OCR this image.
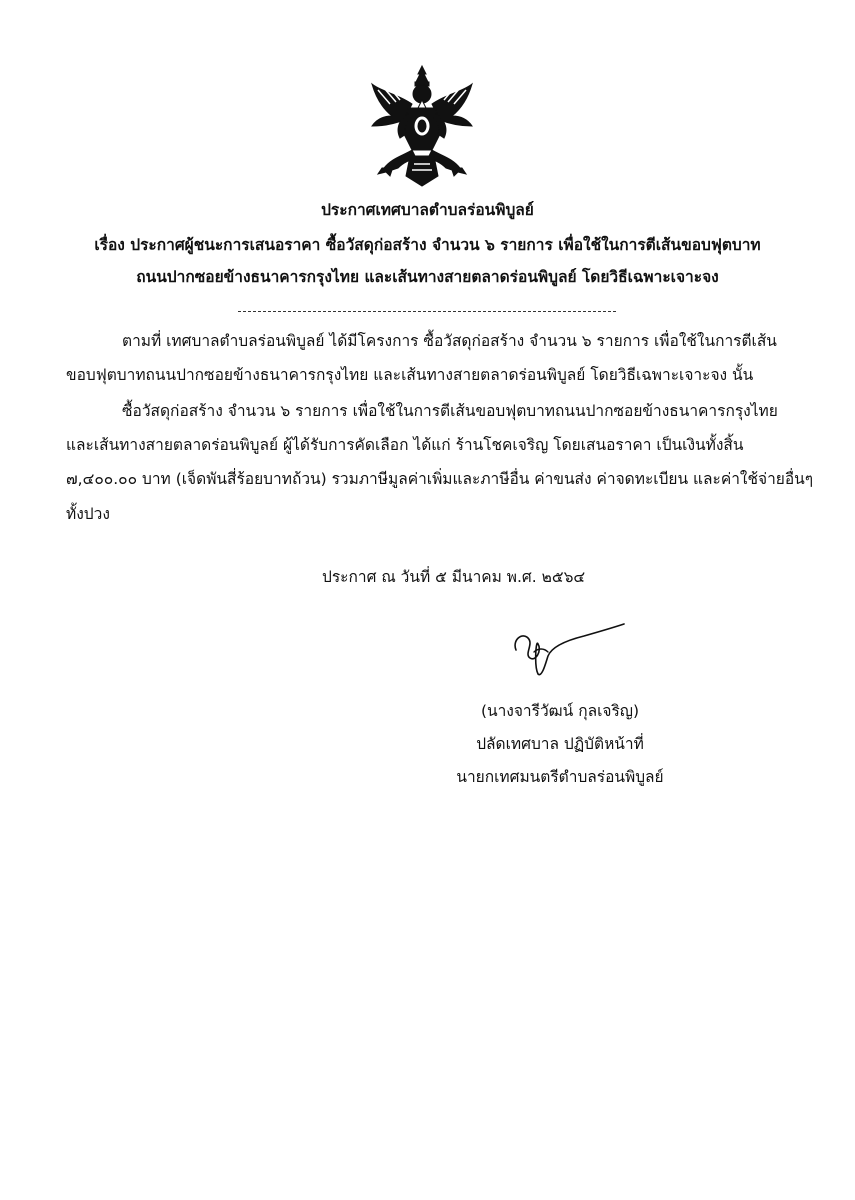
ประกาศเทศบาลตำบลร่อนพิบูลย์
เรื่อง ประกาศผู้ชนะการเสนอราคา ซื้อวัสดุก่อสร้าง จำนวน ๖ รายการ เพื่อใช้ในการตีเส้นขอบฟุตบาท
ถนนปากซอยข้างธนาคารกรุงไทย และเส้นทางสายตลาดร่อนพิบูลย์ โดยวิธีเฉพาะเจาะจง
ตามที่ เทศบาลตำบลร่อนพิบูลย์ ได้มีโครงการ ซื้อวัสดุก่อสร้าง จำนวน ๖ รายการ เพื่อใช้ในการตีเส้น
ขอบฟุตบาทถนนปากซอยข้างธนาคารกรุงไทย และเส้นทางสายตลาดร่อนพิบูลย์ โดยวิธีเฉพาะเจาะจง นั้น
ซื้อวัสดุก่อสร้าง จำนวน ๖ รายการ เพื่อใช้ในการตีเส้นขอบฟุตบาทถนนปากซอยข้างธนาคารกรุงไทย
และเส้นทางสายตลาดร่อนพิบูลย์ ผู้ได้รับการคัดเลือก ได้แก่ ร้านโชคเจริญ โดยเสนอราคา เป็นเงินทั้งสิ้น
๗,๔๐๐.๐๐ บาท (เจ็ดพันสี่ร้อยบาทถ้วน) รวมภาษีมูลค่าเพิ่มและภาษีอื่น ค่าขนส่ง ค่าจดทะเบียน และค่าใช้จ่ายอื่นๆ
ทั้งปวง
ประกาศ ณ วันที่ ๕ มีนาคม พ.ศ. ๒๕๖๔
(นางจารีวัฒน์ กุลเจริญ)
ปลัดเทศบาล ปฏิบัติหน้าที่
นายกเทศมนตรีตำบลร่อนพิบูลย์
